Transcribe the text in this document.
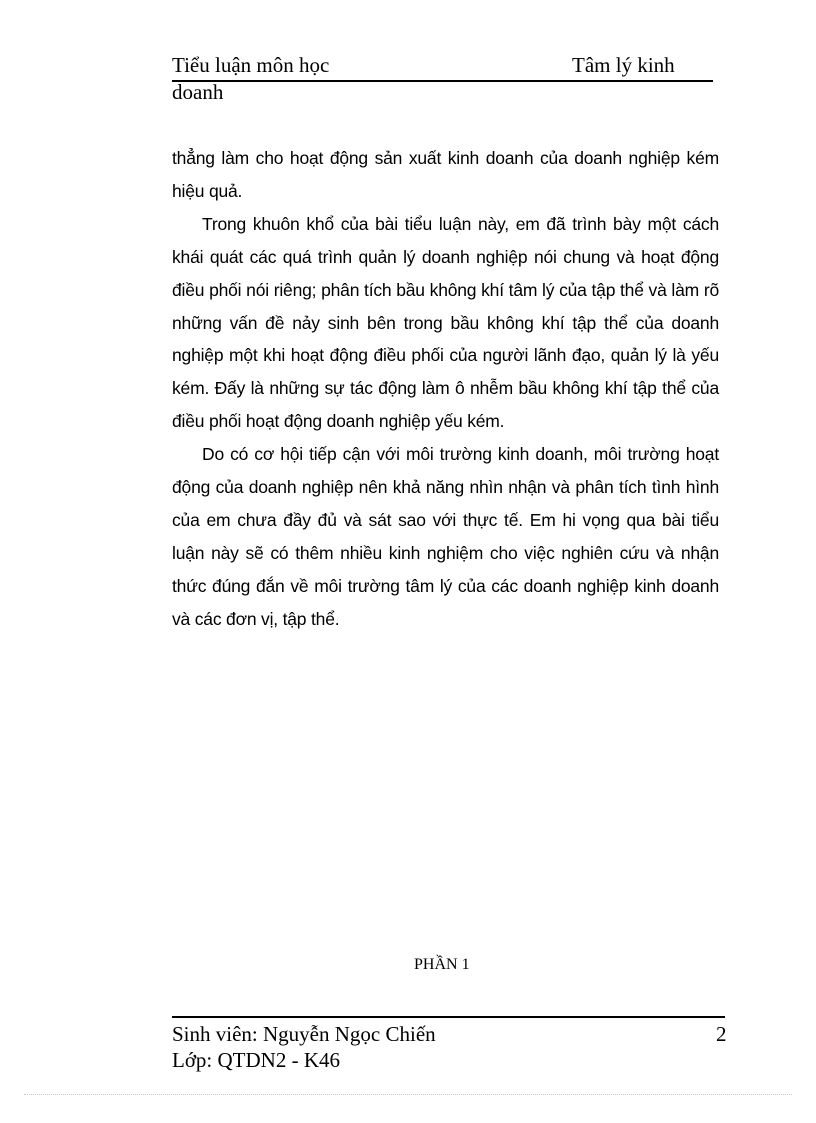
Tiểu luận môn học	Tâm lý kinh
doanh

thẳng làm cho hoạt động sản xuất kinh doanh của doanh nghiệp kém hiệu quả.

Trong khuôn khổ của bài tiểu luận này, em đã trình bày một cách khái quát các quá trình quản lý doanh nghiệp nói chung và hoạt động điều phối nói riêng; phân tích bầu không khí tâm lý của tập thể và làm rõ những vấn đề nảy sinh bên trong bầu không khí tập thể của doanh nghiệp một khi hoạt động điều phối của người lãnh đạo, quản lý là yếu kém. Đấy là những sự tác động làm ô nhễm bầu không khí tập thể của điều phối hoạt động doanh nghiệp yếu kém.

Do có cơ hội tiếp cận với môi trường kinh doanh, môi trường hoạt động của doanh nghiệp nên khả năng nhìn nhận và phân tích tình hình của em chưa đầy đủ và sát sao với thực tế. Em hi vọng qua bài tiểu luận này sẽ có thêm nhiều kinh nghiệm cho việc nghiên cứu và nhận thức đúng đắn về môi trường tâm lý của các doanh nghiệp kinh doanh và các đơn vị, tập thể.

PHẦN 1
Sinh viên: Nguyễn Ngọc Chiến
Lớp: QTDN2 - K46
2
